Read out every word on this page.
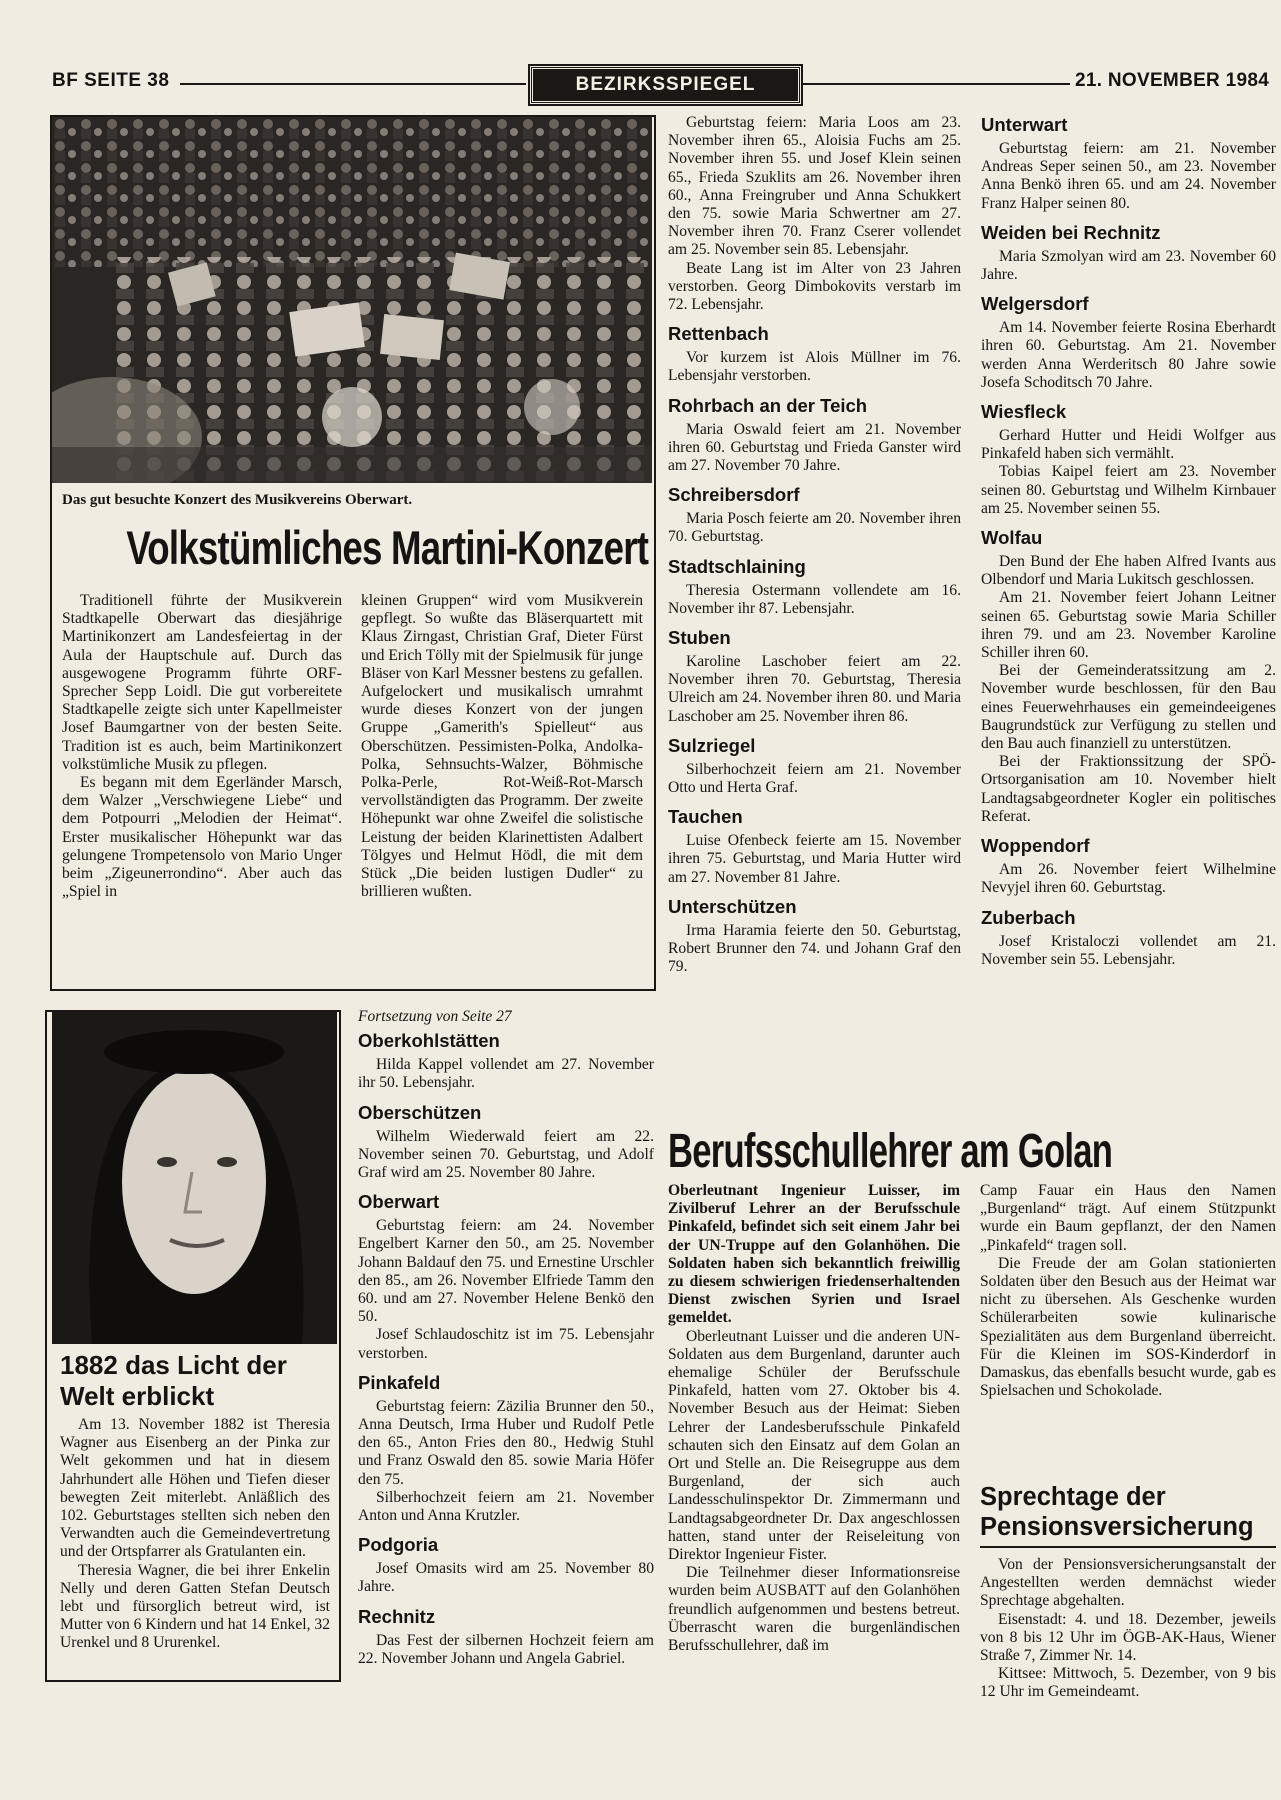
BF SEITE 38	BEZIRKSSPIEGEL	21. NOVEMBER 1984
Das gut besuchte Konzert des Musikvereins Oberwart.
Volkstümliches Martini-Konzert

Traditionell führte der Musikverein Stadtkapelle Oberwart das diesjährige Martinikonzert am Landesfeiertag in der Aula der Hauptschule auf. Durch das ausgewogene Programm führte ORF-Sprecher Sepp Loidl. Die gut vorbereitete Stadtkapelle zeigte sich unter Kapellmeister Josef Baumgartner von der besten Seite. Tradition ist es auch, beim Martinikonzert volkstümliche Musik zu pflegen.

Es begann mit dem Egerländer Marsch, dem Walzer „Verschwiegene Liebe“ und dem Potpourri „Melodien der Heimat“. Erster musikalischer Höhepunkt war das gelungene Trompetensolo von Mario Unger beim „Zigeunerrondino“. Aber auch das „Spiel in

kleinen Gruppen“ wird vom Musikverein gepflegt. So wußte das Bläserquartett mit Klaus Zirngast, Christian Graf, Dieter Fürst und Erich Tölly mit der Spielmusik für junge Bläser von Karl Messner bestens zu gefallen. Aufgelockert und musikalisch umrahmt wurde dieses Konzert von der jungen Gruppe „Gamerith's Spielleut“ aus Oberschützen. Pessimisten-Polka, Andolka-Polka, Sehnsuchts-Walzer, Böhmische Polka-Perle, Rot-Weiß-Rot-Marsch vervollständigten das Programm. Der zweite Höhepunkt war ohne Zweifel die solistische Leistung der beiden Klarinettisten Adalbert Tölgyes und Helmut Hödl, die mit dem Stück „Die beiden lustigen Dudler“ zu brillieren wußten.

1882 das Licht der Welt erblickt

Am 13. November 1882 ist Theresia Wagner aus Eisenberg an der Pinka zur Welt gekommen und hat in diesem Jahrhundert alle Höhen und Tiefen dieser bewegten Zeit miterlebt. Anläßlich des 102. Geburtstages stellten sich neben den Verwandten auch die Gemeindevertretung und der Ortspfarrer als Gratulanten ein.

Theresia Wagner, die bei ihrer Enkelin Nelly und deren Gatten Stefan Deutsch lebt und fürsorglich betreut wird, ist Mutter von 6 Kindern und hat 14 Enkel, 32 Urenkel und 8 Ururenkel.

Fortsetzung von Seite 27

Oberkohlstätten

Hilda Kappel vollendet am 27. November ihr 50. Lebensjahr.

Oberschützen

Wilhelm Wiederwald feiert am 22. November seinen 70. Geburtstag, und Adolf Graf wird am 25. November 80 Jahre.

Oberwart

Geburtstag feiern: am 24. November Engelbert Karner den 50., am 25. November Johann Baldauf den 75. und Ernestine Urschler den 85., am 26. November Elfriede Tamm den 60. und am 27. November Helene Benkö den 50.

Josef Schlaudoschitz ist im 75. Lebensjahr verstorben.

Pinkafeld

Geburtstag feiern: Zäzilia Brunner den 50., Anna Deutsch, Irma Huber und Rudolf Petle den 65., Anton Fries den 80., Hedwig Stuhl und Franz Oswald den 85. sowie Maria Höfer den 75.

Silberhochzeit feiern am 21. November Anton und Anna Krutzler.

Podgoria

Josef Omasits wird am 25. November 80 Jahre.

Rechnitz

Das Fest der silbernen Hochzeit feiern am 22. November Johann und Angela Gabriel.

Geburtstag feiern: Maria Loos am 23. November ihren 65., Aloisia Fuchs am 25. November ihren 55. und Josef Klein seinen 65., Frieda Szuklits am 26. November ihren 60., Anna Freingruber und Anna Schukkert den 75. sowie Maria Schwertner am 27. November ihren 70. Franz Cserer vollendet am 25. November sein 85. Lebensjahr.

Beate Lang ist im Alter von 23 Jahren verstorben. Georg Dimbokovits verstarb im 72. Lebensjahr.

Rettenbach

Vor kurzem ist Alois Müllner im 76. Lebensjahr verstorben.

Rohrbach an der Teich

Maria Oswald feiert am 21. November ihren 60. Geburtstag und Frieda Ganster wird am 27. November 70 Jahre.

Schreibersdorf

Maria Posch feierte am 20. November ihren 70. Geburtstag.

Stadtschlaining

Theresia Ostermann vollendete am 16. November ihr 87. Lebensjahr.

Stuben

Karoline Laschober feiert am 22. November ihren 70. Geburtstag, Theresia Ulreich am 24. November ihren 80. und Maria Laschober am 25. November ihren 86.

Sulzriegel

Silberhochzeit feiern am 21. November Otto und Herta Graf.

Tauchen

Luise Ofenbeck feierte am 15. November ihren 75. Geburtstag, und Maria Hutter wird am 27. November 81 Jahre.

Unterschützen

Irma Haramia feierte den 50. Geburtstag, Robert Brunner den 74. und Johann Graf den 79.

Unterwart

Geburtstag feiern: am 21. November Andreas Seper seinen 50., am 23. November Anna Benkö ihren 65. und am 24. November Franz Halper seinen 80.

Weiden bei Rechnitz

Maria Szmolyan wird am 23. November 60 Jahre.

Welgersdorf

Am 14. November feierte Rosina Eberhardt ihren 60. Geburtstag. Am 21. November werden Anna Werderitsch 80 Jahre sowie Josefa Schoditsch 70 Jahre.

Wiesfleck

Gerhard Hutter und Heidi Wolfger aus Pinkafeld haben sich vermählt.

Tobias Kaipel feiert am 23. November seinen 80. Geburtstag und Wilhelm Kirnbauer am 25. November seinen 55.

Wolfau

Den Bund der Ehe haben Alfred Ivants aus Olbendorf und Maria Lukitsch geschlossen.

Am 21. November feiert Johann Leitner seinen 65. Geburtstag sowie Maria Schiller ihren 79. und am 23. November Karoline Schiller ihren 60.

Bei der Gemeinderatssitzung am 2. November wurde beschlossen, für den Bau eines Feuerwehrhauses ein gemeindeeigenes Baugrundstück zur Verfügung zu stellen und den Bau auch finanziell zu unterstützen.

Bei der Fraktionssitzung der SPÖ-Ortsorganisation am 10. November hielt Landtagsabgeordneter Kogler ein politisches Referat.

Woppendorf

Am 26. November feiert Wilhelmine Nevyjel ihren 60. Geburtstag.

Zuberbach

Josef Kristaloczi vollendet am 21. November sein 55. Lebensjahr.

Berufsschullehrer am Golan

Oberleutnant Ingenieur Luisser, im Zivilberuf Lehrer an der Berufsschule Pinkafeld, befindet sich seit einem Jahr bei der UN-Truppe auf den Golanhöhen. Die Soldaten haben sich bekanntlich freiwillig zu diesem schwierigen friedenserhaltenden Dienst zwischen Syrien und Israel gemeldet.

Oberleutnant Luisser und die anderen UN-Soldaten aus dem Burgenland, darunter auch ehemalige Schüler der Berufsschule Pinkafeld, hatten vom 27. Oktober bis 4. November Besuch aus der Heimat: Sieben Lehrer der Landesberufsschule Pinkafeld schauten sich den Einsatz auf dem Golan an Ort und Stelle an. Die Reisegruppe aus dem Burgenland, der sich auch Landesschulinspektor Dr. Zimmermann und Landtagsabgeordneter Dr. Dax angeschlossen hatten, stand unter der Reiseleitung von Direktor Ingenieur Fister.

Die Teilnehmer dieser Informationsreise wurden beim AUSBATT auf den Golanhöhen freundlich aufgenommen und bestens betreut. Überrascht waren die burgenländischen Berufsschullehrer, daß im

Camp Fauar ein Haus den Namen „Burgenland“ trägt. Auf einem Stützpunkt wurde ein Baum gepflanzt, der den Namen „Pinkafeld“ tragen soll.

Die Freude der am Golan stationierten Soldaten über den Besuch aus der Heimat war nicht zu übersehen. Als Geschenke wurden Schülerarbeiten sowie kulinarische Spezialitäten aus dem Burgenland überreicht. Für die Kleinen im SOS-Kinderdorf in Damaskus, das ebenfalls besucht wurde, gab es Spielsachen und Schokolade.

Sprechtage der Pensionsversicherung

Von der Pensionsversicherungsanstalt der Angestellten werden demnächst wieder Sprechtage abgehalten.

Eisenstadt: 4. und 18. Dezember, jeweils von 8 bis 12 Uhr im ÖGB-AK-Haus, Wiener Straße 7, Zimmer Nr. 14.

Kittsee: Mittwoch, 5. Dezember, von 9 bis 12 Uhr im Gemeindeamt.
